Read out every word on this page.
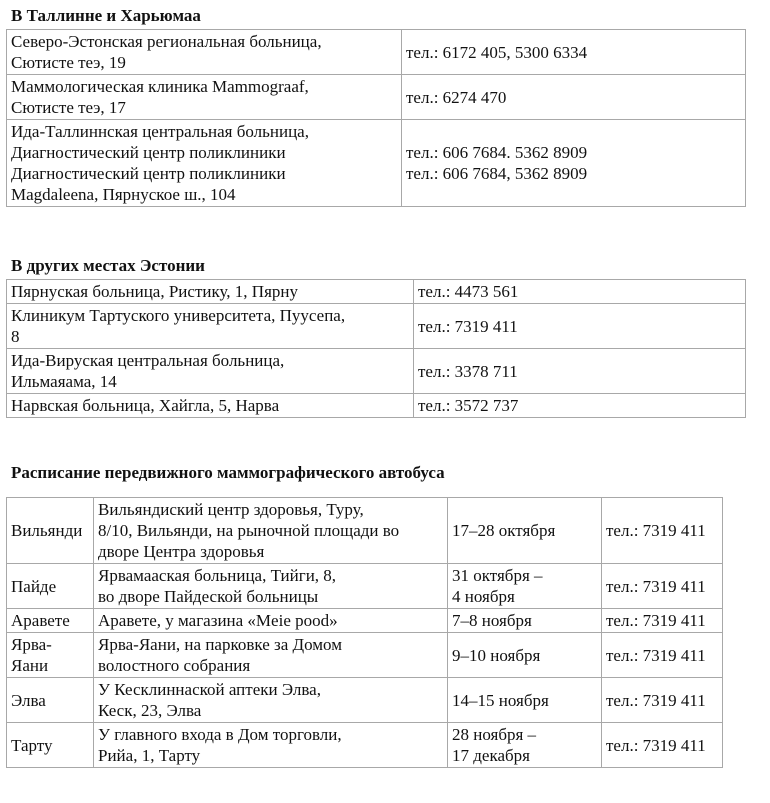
В Таллинне и Харьюмаа
Северо-Эстонская региональная больница,
Сютисте теэ, 19	тел.: 6172 405, 5300 6334

Маммологическая клиника Mammograaf,
Сютисте теэ, 17	тел.: 6274 470

Ида-Таллиннская центральная больница,
Диагностический центр поликлиники
Диагностический центр поликлиники
Magdaleena, Пярнуское ш., 104	тел.: 606 7684. 5362 8909
тел.: 606 7684, 5362 8909
В других местах Эстонии
Пярнуская больница, Ристику, 1, Пярну	тел.: 4473 561

Клиникум Тартуского университета, Пуусепа,
8	тел.: 7319 411

Ида-Вируская центральная больница,
Ильмаяама, 14	тел.: 3378 711

Нарвская больница, Хайгла, 5, Нарва	тел.: 3572 737
Расписание передвижного маммографического автобуса
Вильянди	Вильяндиский центр здоровья, Туру,
8/10, Вильянди, на рыночной площади во
дворе Центра здоровья	17–28 октября	тел.: 7319 411

Пайде	Ярвамааская больница, Тийги, 8,
во дворе Пайдеской больницы	31 октября –
4 ноября	тел.: 7319 411

Аравете	Аравете, у магазина «Meie pood»	7–8 ноября	тел.: 7319 411

Ярва-
Яани	Ярва-Яани, на парковке за Домом
волостного собрания	9–10 ноября	тел.: 7319 411

Элва	У Кесклиннаской аптеки Элва,
Кеск, 23, Элва	14–15 ноября	тел.: 7319 411

Тарту	У главного входа в Дом торговли,
Рийа, 1, Тарту	28 ноября –
17 декабря	тел.: 7319 411
